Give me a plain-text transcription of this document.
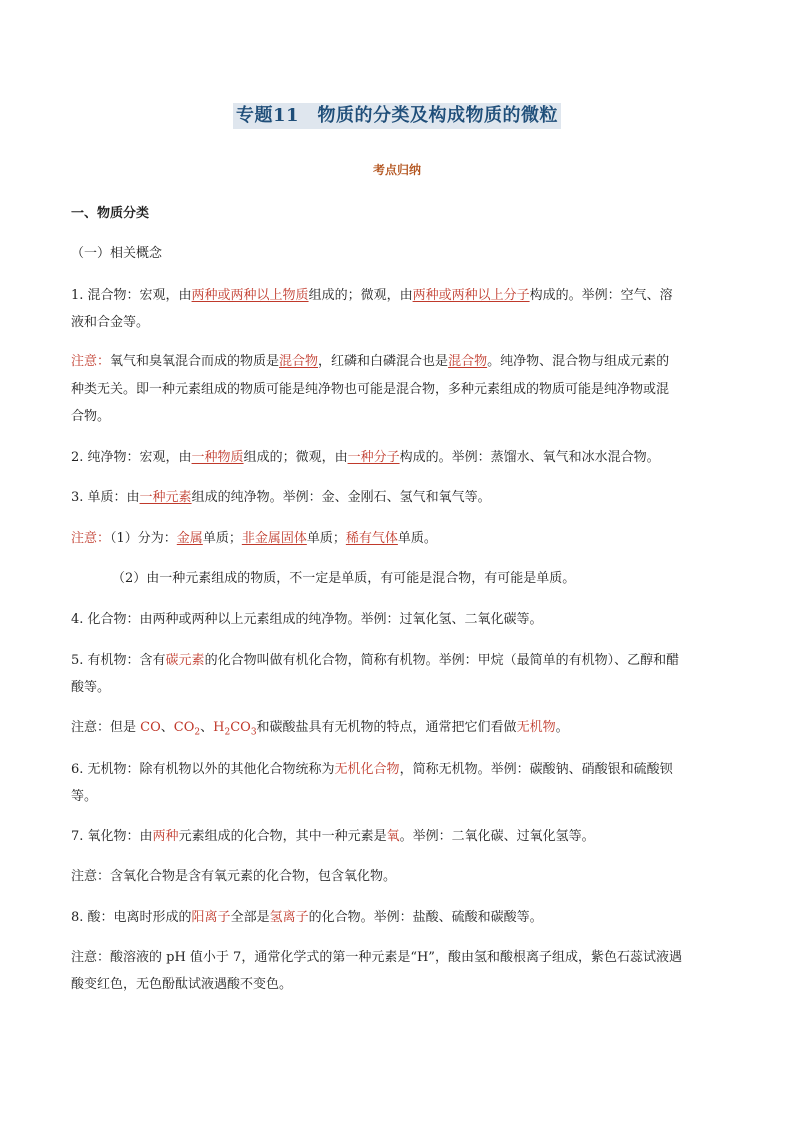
专题11　物质的分类及构成物质的微粒
考点归纳
一、物质分类
（一）相关概念
1. 混合物：宏观，由两种或两种以上物质组成的；微观，由两种或两种以上分子构成的。举例：空气、溶
液和合金等。
注意：氧气和臭氧混合而成的物质是混合物，红磷和白磷混合也是混合物。纯净物、混合物与组成元素的
种类无关。即一种元素组成的物质可能是纯净物也可能是混合物，多种元素组成的物质可能是纯净物或混
合物。
2. 纯净物：宏观，由一种物质组成的；微观，由一种分子构成的。举例：蒸馏水、氧气和冰水混合物。
3. 单质：由一种元素组成的纯净物。举例：金、金刚石、氢气和氧气等。
注意：（1）分为：金属单质；非金属固体单质；稀有气体单质。
（2）由一种元素组成的物质，不一定是单质，有可能是混合物，有可能是单质。
4. 化合物：由两种或两种以上元素组成的纯净物。举例：过氧化氢、二氧化碳等。
5. 有机物：含有碳元素的化合物叫做有机化合物，简称有机物。举例：甲烷（最简单的有机物）、乙醇和醋
酸等。
注意：但是 CO、$CO_2$、$H_2CO_3$和碳酸盐具有无机物的特点，通常把它们看做无机物。
6. 无机物：除有机物以外的其他化合物统称为无机化合物，简称无机物。举例：碳酸钠、硝酸银和硫酸钡
等。
7. 氧化物：由两种元素组成的化合物，其中一种元素是氧。举例：二氧化碳、过氧化氢等。
注意：含氧化合物是含有氧元素的化合物，包含氧化物。
8. 酸：电离时形成的阳离子全部是氢离子的化合物。举例：盐酸、硫酸和碳酸等。
注意：酸溶液的 pH 值小于 7，通常化学式的第一种元素是“H”，酸由氢和酸根离子组成，紫色石蕊试液遇
酸变红色，无色酚酞试液遇酸不变色。
